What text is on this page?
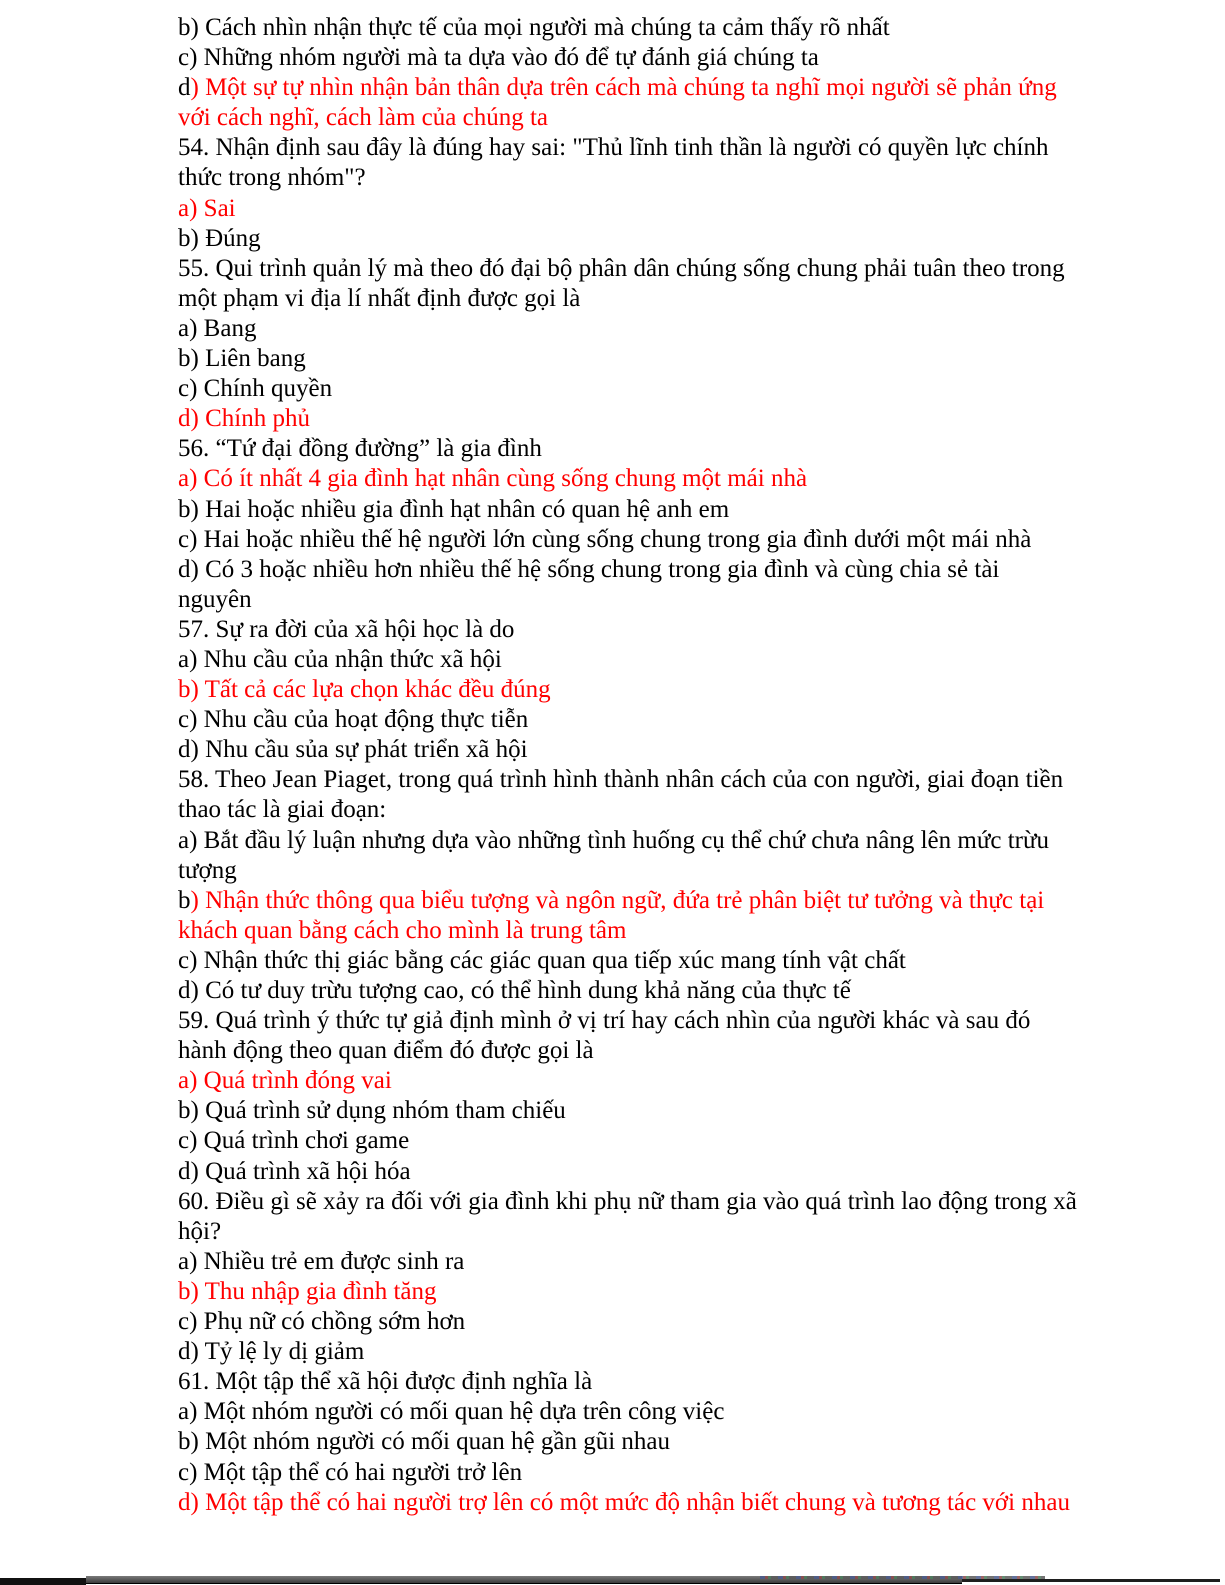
b) Cách nhìn nhận thực tế của mọi người mà chúng ta cảm thấy rõ nhất
c) Những nhóm người mà ta dựa vào đó để tự đánh giá chúng ta
d) Một sự tự nhìn nhận bản thân dựa trên cách mà chúng ta nghĩ mọi người sẽ phản ứng
với cách nghĩ, cách làm của chúng ta
54. Nhận định sau đây là đúng hay sai: "Thủ lĩnh tinh thần là người có quyền lực chính
thức trong nhóm"?
a) Sai
b) Đúng
55. Qui trình quản lý mà theo đó đại bộ phân dân chúng sống chung phải tuân theo trong
một phạm vi địa lí nhất định được gọi là
a) Bang
b) Liên bang
c) Chính quyền
d) Chính phủ
56. “Tứ đại đồng đường” là gia đình
a) Có ít nhất 4 gia đình hạt nhân cùng sống chung một mái nhà
b) Hai hoặc nhiều gia đình hạt nhân có quan hệ anh em
c) Hai hoặc nhiều thế hệ người lớn cùng sống chung trong gia đình dưới một mái nhà
d) Có 3 hoặc nhiều hơn nhiều thế hệ sống chung trong gia đình và cùng chia sẻ tài
nguyên
57. Sự ra đời của xã hội học là do
a) Nhu cầu của nhận thức xã hội
b) Tất cả các lựa chọn khác đều đúng
c) Nhu cầu của hoạt động thực tiễn
d) Nhu cầu sủa sự phát triển xã hội
58. Theo Jean Piaget, trong quá trình hình thành nhân cách của con người, giai đoạn tiền
thao tác là giai đoạn:
a) Bắt đầu lý luận nhưng dựa vào những tình huống cụ thể chứ chưa nâng lên mức trừu
tượng
b) Nhận thức thông qua biểu tượng và ngôn ngữ, đứa trẻ phân biệt tư tưởng và thực tại
khách quan bằng cách cho mình là trung tâm
c) Nhận thức thị giác bằng các giác quan qua tiếp xúc mang tính vật chất
d) Có tư duy trừu tượng cao, có thể hình dung khả năng của thực tế
59. Quá trình ý thức tự giả định mình ở vị trí hay cách nhìn của người khác và sau đó
hành động theo quan điểm đó được gọi là
a) Quá trình đóng vai
b) Quá trình sử dụng nhóm tham chiếu
c) Quá trình chơi game
d) Quá trình xã hội hóa
60. Điều gì sẽ xảy ra đối với gia đình khi phụ nữ tham gia vào quá trình lao động trong xã
hội?
a) Nhiều trẻ em được sinh ra
b) Thu nhập gia đình tăng
c) Phụ nữ có chồng sớm hơn
d) Tỷ lệ ly dị giảm
61. Một tập thể xã hội được định nghĩa là
a) Một nhóm người có mối quan hệ dựa trên công việc
b) Một nhóm người có mối quan hệ gần gũi nhau
c) Một tập thể có hai người trở lên
d) Một tập thể có hai người trợ lên có một mức độ nhận biết chung và tương tác với nhau
